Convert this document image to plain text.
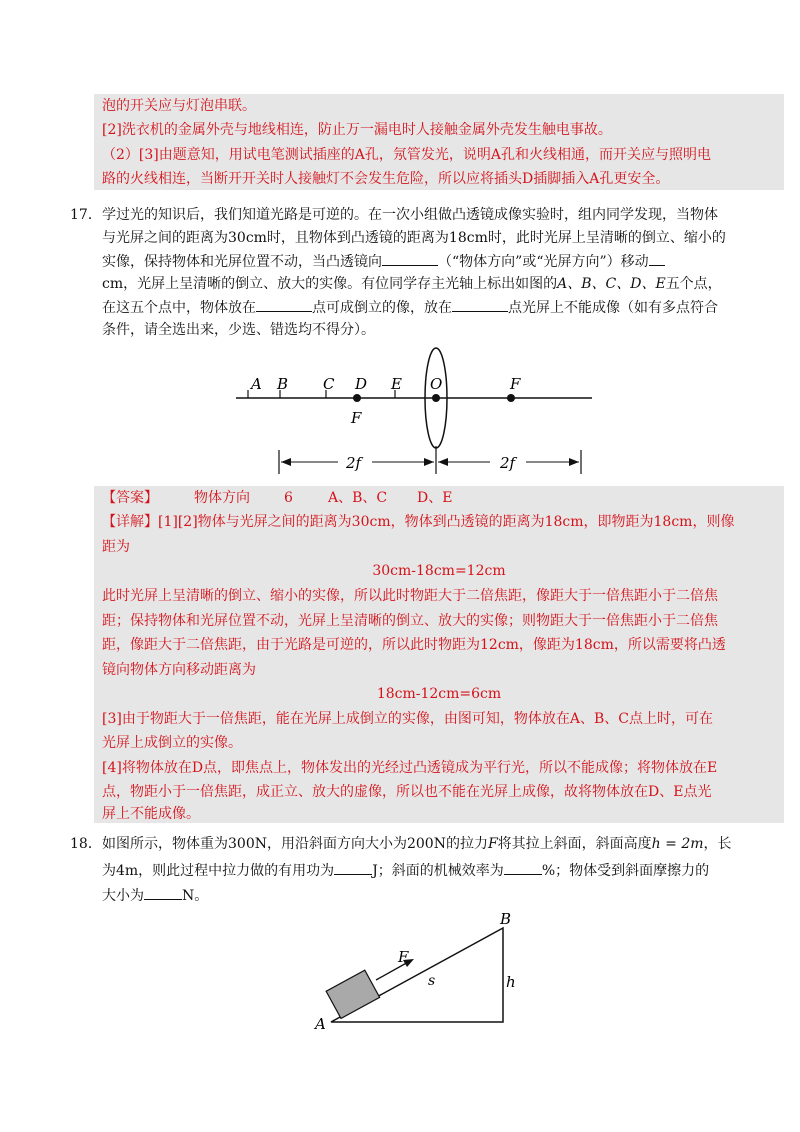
泡的开关应与灯泡串联。
[2]洗衣机的金属外壳与地线相连，防止万一漏电时人接触金属外壳发生触电事故。
（2）[3]由题意知，用试电笔测试插座的A孔，氖管发光，说明A孔和火线相通，而开关应与照明电
路的火线相连，当断开开关时人接触灯不会发生危险，所以应将插头D插脚插入A孔更安全。
17． 学过光的知识后，我们知道光路是可逆的。在一次小组做凸透镜成像实验时，组内同学发现，当物体
与光屏之间的距离为30cm时，且物体到凸透镜的距离为18cm时，此时光屏上呈清晰的倒立、缩小的
实像，保持物体和光屏位置不动，当凸透镜向	（“物体方向”或“光屏方向”）移动
cm，光屏上呈清晰的倒立、放大的实像。有位同学存主光轴上标出如图的A、B、C、D、E五个点，
在这五个点中，物体放在	点可成倒立的像，放在	点光屏上不能成像（如有多点符合
条件，请全选出来，少选、错选均不得分）。
A B C D E O	F
F
2f	2f
【答案】	物体方向 6	A、B、C D、E
【详解】[1][2]物体与光屏之间的距离为30cm，物体到凸透镜的距离为18cm，即物距为18cm，则像
距为
30cm-18cm=12cm
此时光屏上呈清晰的倒立、缩小的实像，所以此时物距大于二倍焦距，像距大于一倍焦距小于二倍焦
距；保持物体和光屏位置不动，光屏上呈清晰的倒立、放大的实像；则物距大于一倍焦距小于二倍焦
距，像距大于二倍焦距，由于光路是可逆的，所以此时物距为12cm，像距为18cm，所以需要将凸透
镜向物体方向移动距离为
18cm-12cm=6cm
[3]由于物距大于一倍焦距，能在光屏上成倒立的实像，由图可知，物体放在A、B、C点上时，可在
光屏上成倒立的实像。
[4]将物体放在D点，即焦点上，物体发出的光经过凸透镜成为平行光，所以不能成像；将物体放在E
点，物距小于一倍焦距，成正立、放大的虚像，所以也不能在光屏上成像，故将物体放在D、E点光
屏上不能成像。
18． 如图所示，物体重为300N，用沿斜面方向大小为200N的拉力F将其拉上斜面，斜面高度h = 2m，长
为4m，则此过程中拉力做的有用功为	J；斜面的机械效率为	%；物体受到斜面摩擦力的
大小为	N。
F
s	h
B
A
